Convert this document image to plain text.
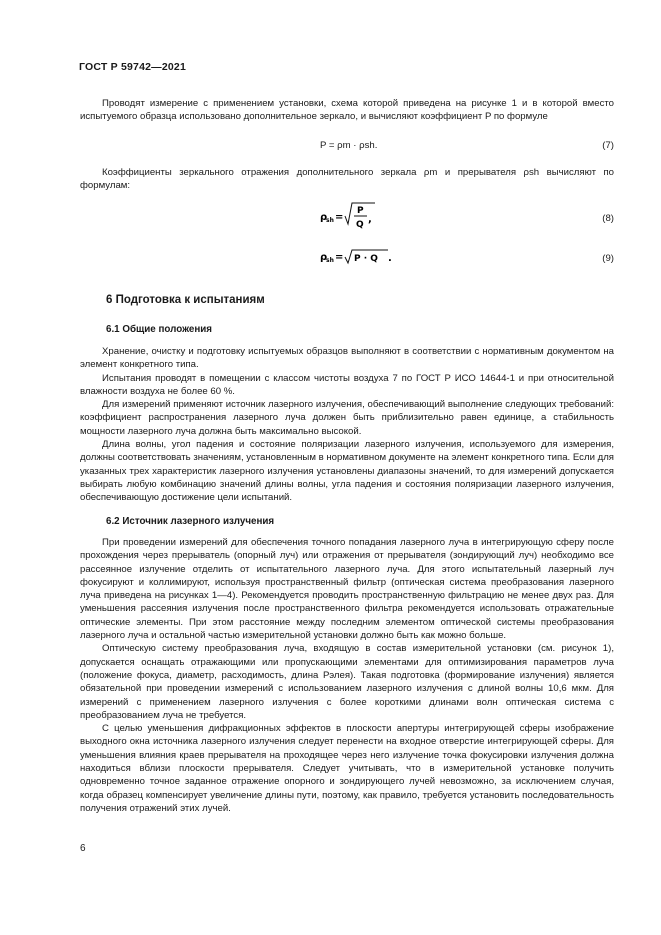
ГОСТ Р 59742—2021

Проводят измерение с применением установки, схема которой приведена на рисунке 1 и в которой вместо испытуемого образца использовано дополнительное зеркало, и вычисляют коэффициент P по формуле

P = ρm · ρsh.	(7)

Коэффициенты зеркального отражения дополнительного зеркала ρm и прерывателя ρsh вычисляют по формулам:

ρ
sh =
P
Q ,	(8)
ρ
sh = P · Q .	(9)
6 Подготовка к испытаниям
6.1 Общие положения

Хранение, очистку и подготовку испытуемых образцов выполняют в соответствии с нормативным документом на элемент конкретного типа.

Испытания проводят в помещении с классом чистоты воздуха 7 по ГОСТ Р ИСО 14644-1 и при относительной влажности воздуха не более 60 %.

Для измерений применяют источник лазерного излучения, обеспечивающий выполнение следующих требований: коэффициент распространения лазерного луча должен быть приблизительно равен единице, а стабильность мощности лазерного луча должна быть максимально высокой.

Длина волны, угол падения и состояние поляризации лазерного излучения, используемого для измерения, должны соответствовать значениям, установленным в нормативном документе на элемент конкретного типа. Если для указанных трех характеристик лазерного излучения установлены диапазоны значений, то для измерений допускается выбирать любую комбинацию значений длины волны, угла падения и состояния поляризации лазерного излучения, обеспечивающую достижение цели испытаний.

6.2 Источник лазерного излучения

При проведении измерений для обеспечения точного попадания лазерного луча в интегрирующую сферу после прохождения через прерыватель (опорный луч) или отражения от прерывателя (зондирующий луч) необходимо все рассеянное излучение отделить от испытательного лазерного луча. Для этого испытательный лазерный луч фокусируют и коллимируют, используя пространственный фильтр (оптическая система преобразования лазерного луча приведена на рисунках 1—4). Рекомендуется проводить пространственную фильтрацию не менее двух раз. Для уменьшения рассеяния излучения после пространственного фильтра рекомендуется использовать отражательные оптические элементы. При этом расстояние между последним элементом оптической системы преобразования лазерного луча и остальной частью измерительной установки должно быть как можно больше.

Оптическую систему преобразования луча, входящую в состав измерительной установки (см. рисунок 1), допускается оснащать отражающими или пропускающими элементами для оптимизирования параметров луча (положение фокуса, диаметр, расходимость, длина Рэлея). Такая подготовка (формирование излучения) является обязательной при проведении измерений с использованием лазерного излучения с длиной волны 10,6 мкм. Для измерений с применением лазерного излучения с более короткими длинами волн оптическая система с преобразованием луча не требуется.

С целью уменьшения дифракционных эффектов в плоскости апертуры интегрирующей сферы изображение выходного окна источника лазерного излучения следует перенести на входное отверстие интегрирующей сферы. Для уменьшения влияния краев прерывателя на проходящее через него излучение точка фокусировки излучения должна находиться вблизи плоскости прерывателя. Следует учитывать, что в измерительной установке получить одновременно точное заданное отражение опорного и зондирующего лучей невозможно, за исключением случая, когда образец компенсирует увеличение длины пути, поэтому, как правило, требуется установить последовательность получения отражений этих лучей.

6
